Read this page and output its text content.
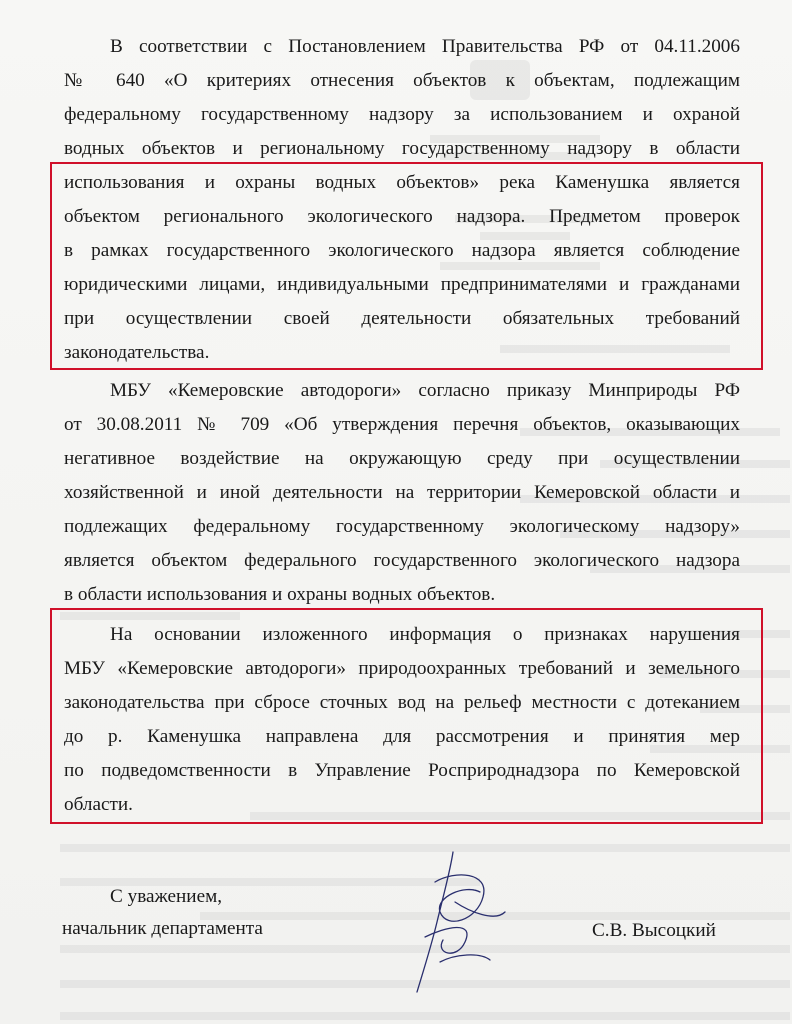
В соответствии с Постановлением Правительства РФ от 04.11.2006
№ 640 «О критериях отнесения объектов к объектам, подлежащим
федеральному государственному надзору за использованием и охраной
водных объектов и региональному государственному надзору в области
использования и охраны водных объектов» река Каменушка является
объектом регионального экологического надзора. Предметом проверок
в рамках государственного экологического надзора является соблюдение
юридическими лицами, индивидуальными предпринимателями и гражданами
при осуществлении своей деятельности обязательных требований
законодательства.
МБУ «Кемеровские автодороги» согласно приказу Минприроды РФ
от 30.08.2011 № 709 «Об утверждения перечня объектов, оказывающих
негативное воздействие на окружающую среду при осуществлении
хозяйственной и иной деятельности на территории Кемеровской области и
подлежащих федеральному государственному экологическому надзору»
является объектом федерального государственного экологического надзора
в области использования и охраны водных объектов.
На основании изложенного информация о признаках нарушения
МБУ «Кемеровские автодороги» природоохранных требований и земельного
законодательства при сбросе сточных вод на рельеф местности с дотеканием
до р. Каменушка направлена для рассмотрения и принятия мер
по подведомственности в Управление Росприроднадзора по Кемеровской
области.
С уважением,
начальник департамента	С.В. Высоцкий
